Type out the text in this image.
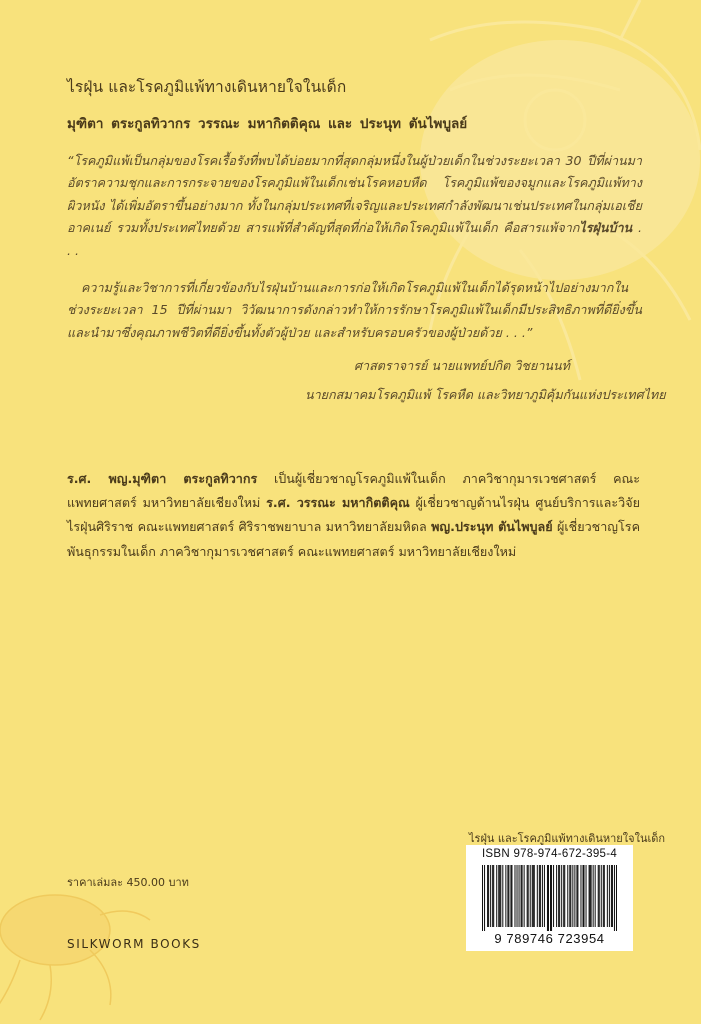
ไรฝุ่น และโรคภูมิแพ้ทางเดินหายใจในเด็ก
มุฑิตา ตระกูลทิวากร วรรณะ มหากิตติคุณ และ ประนุท ตันไพบูลย์
“โรคภูมิแพ้เป็นกลุ่มของโรคเรื้อรังที่พบได้บ่อยมากที่สุดกลุ่มหนึ่งในผู้ป่วยเด็กในช่วงระยะเวลา 30 ปีที่ผ่านมา อัตราความชุกและการกระจายของโรคภูมิแพ้ในเด็กเช่นโรคหอบหืด โรคภูมิแพ้ของจมูกและโรคภูมิแพ้ทางผิวหนัง ได้เพิ่มอัตราขึ้นอย่างมาก ทั้งในกลุ่มประเทศที่เจริญและประเทศกำลังพัฒนาเช่นประเทศในกลุ่มเอเชียอาคเนย์ รวมทั้งประเทศไทยด้วย สารแพ้ที่สำคัญที่สุดที่ก่อให้เกิดโรคภูมิแพ้ในเด็ก คือสารแพ้จากไรฝุ่นบ้าน . . .
ความรู้และวิชาการที่เกี่ยวข้องกับไรฝุ่นบ้านและการก่อให้เกิดโรคภูมิแพ้ในเด็กได้รุดหน้าไปอย่างมากในช่วงระยะเวลา 15 ปีที่ผ่านมา วิวัฒนาการดังกล่าวทำให้การรักษาโรคภูมิแพ้ในเด็กมีประสิทธิภาพที่ดียิ่งขึ้นและนำมาซึ่งคุณภาพชีวิตที่ดียิ่งขึ้นทั้งตัวผู้ป่วย และสำหรับครอบครัวของผู้ป่วยด้วย . . .”
ศาสตราจารย์ นายแพทย์ปกิต วิชยานนท์
นายกสมาคมโรคภูมิแพ้ โรคหืด และวิทยาภูมิคุ้มกันแห่งประเทศไทย
ร.ศ. พญ.มุฑิตา ตระกูลทิวากร เป็นผู้เชี่ยวชาญโรคภูมิแพ้ในเด็ก ภาควิชากุมารเวชศาสตร์ คณะแพทยศาสตร์ มหาวิทยาลัยเชียงใหม่ ร.ศ. วรรณะ มหากิตติคุณ ผู้เชี่ยวชาญด้านไรฝุ่น ศูนย์บริการและวิจัยไรฝุ่นศิริราช คณะแพทยศาสตร์ ศิริราชพยาบาล มหาวิทยาลัยมหิดล พญ.ประนุท ตันไพบูลย์ ผู้เชี่ยวชาญโรคพันธุกรรมในเด็ก ภาควิชากุมารเวชศาสตร์ คณะแพทยศาสตร์ มหาวิทยาลัยเชียงใหม่
ไรฝุ่น และโรคภูมิแพ้ทางเดินหายใจในเด็ก
ราคาเล่มละ 450.00 บาท
SILKWORM BOOKS
ISBN 978-974-672-395-4
9 789746 723954
